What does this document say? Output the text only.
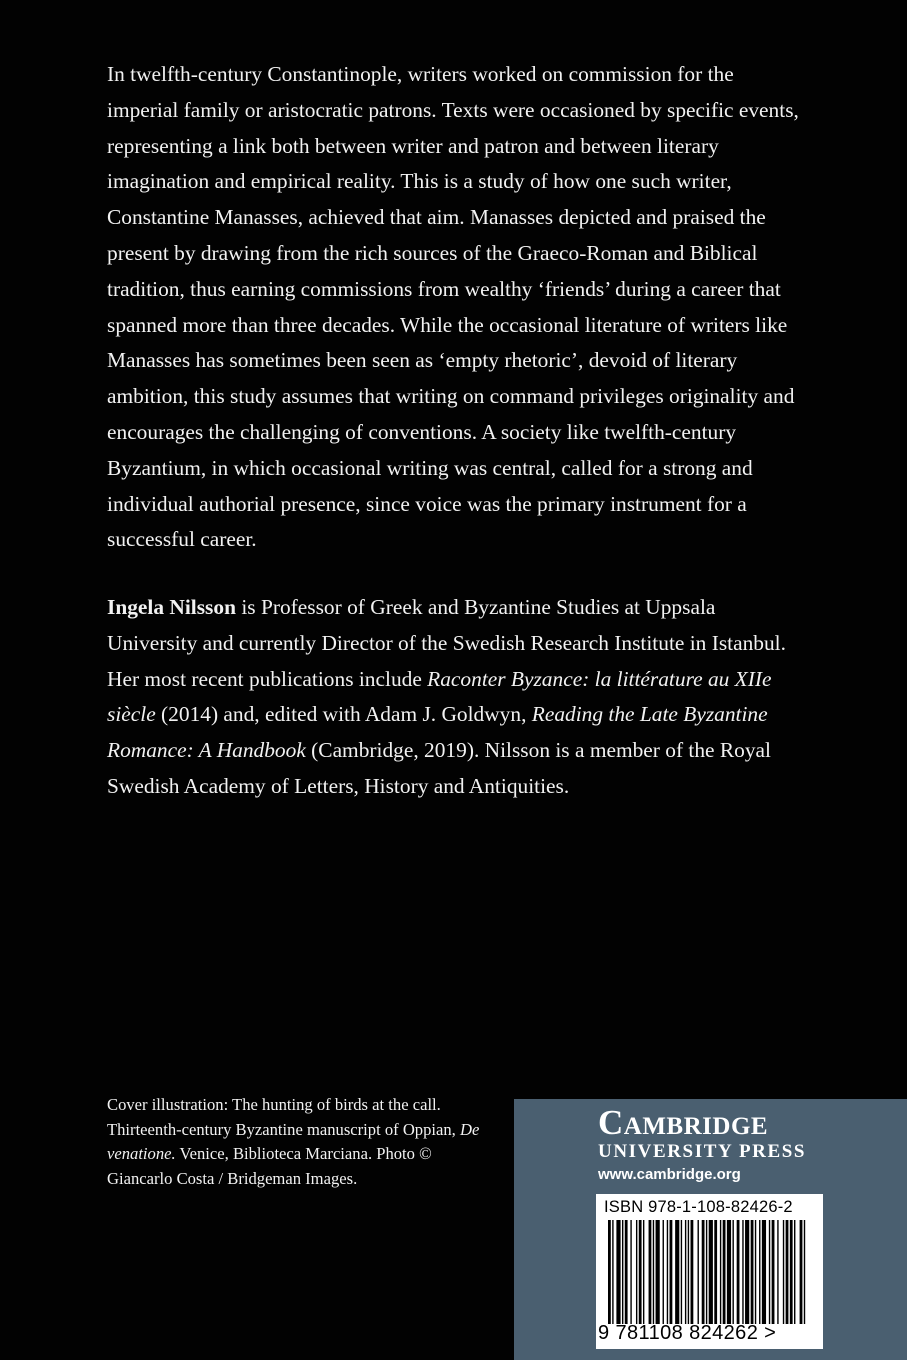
In twelfth-century Constantinople, writers worked on commission for the imperial family or aristocratic patrons. Texts were occasioned by specific events, representing a link both between writer and patron and between literary imagination and empirical reality. This is a study of how one such writer, Constantine Manasses, achieved that aim. Manasses depicted and praised the present by drawing from the rich sources of the Graeco-Roman and Biblical tradition, thus earning commissions from wealthy ‘friends’ during a career that spanned more than three decades. While the occasional literature of writers like Manasses has sometimes been seen as ‘empty rhetoric’, devoid of literary ambition, this study assumes that writing on command privileges originality and encourages the challenging of conventions. A society like twelfth-century Byzantium, in which occasional writing was central, called for a strong and individual authorial presence, since voice was the primary instrument for a successful career.

Ingela Nilsson is Professor of Greek and Byzantine Studies at Uppsala University and currently Director of the Swedish Research Institute in Istanbul. Her most recent publications include Raconter Byzance: la littérature au XIIe siècle (2014) and, edited with Adam J. Goldwyn, Reading the Late Byzantine Romance: A Handbook (Cambridge, 2019). Nilsson is a member of the Royal Swedish Academy of Letters, History and Antiquities.

Cover illustration: The hunting of birds at the call. Thirteenth-century Byzantine manuscript of Oppian, De venatione. Venice, Biblioteca Marciana. Photo © Giancarlo Costa / Bridgeman Images.

Cambridge
UNIVERSITY PRESS
www.cambridge.org
ISBN 978-1-108-82426-2
9 781108 824262 >
